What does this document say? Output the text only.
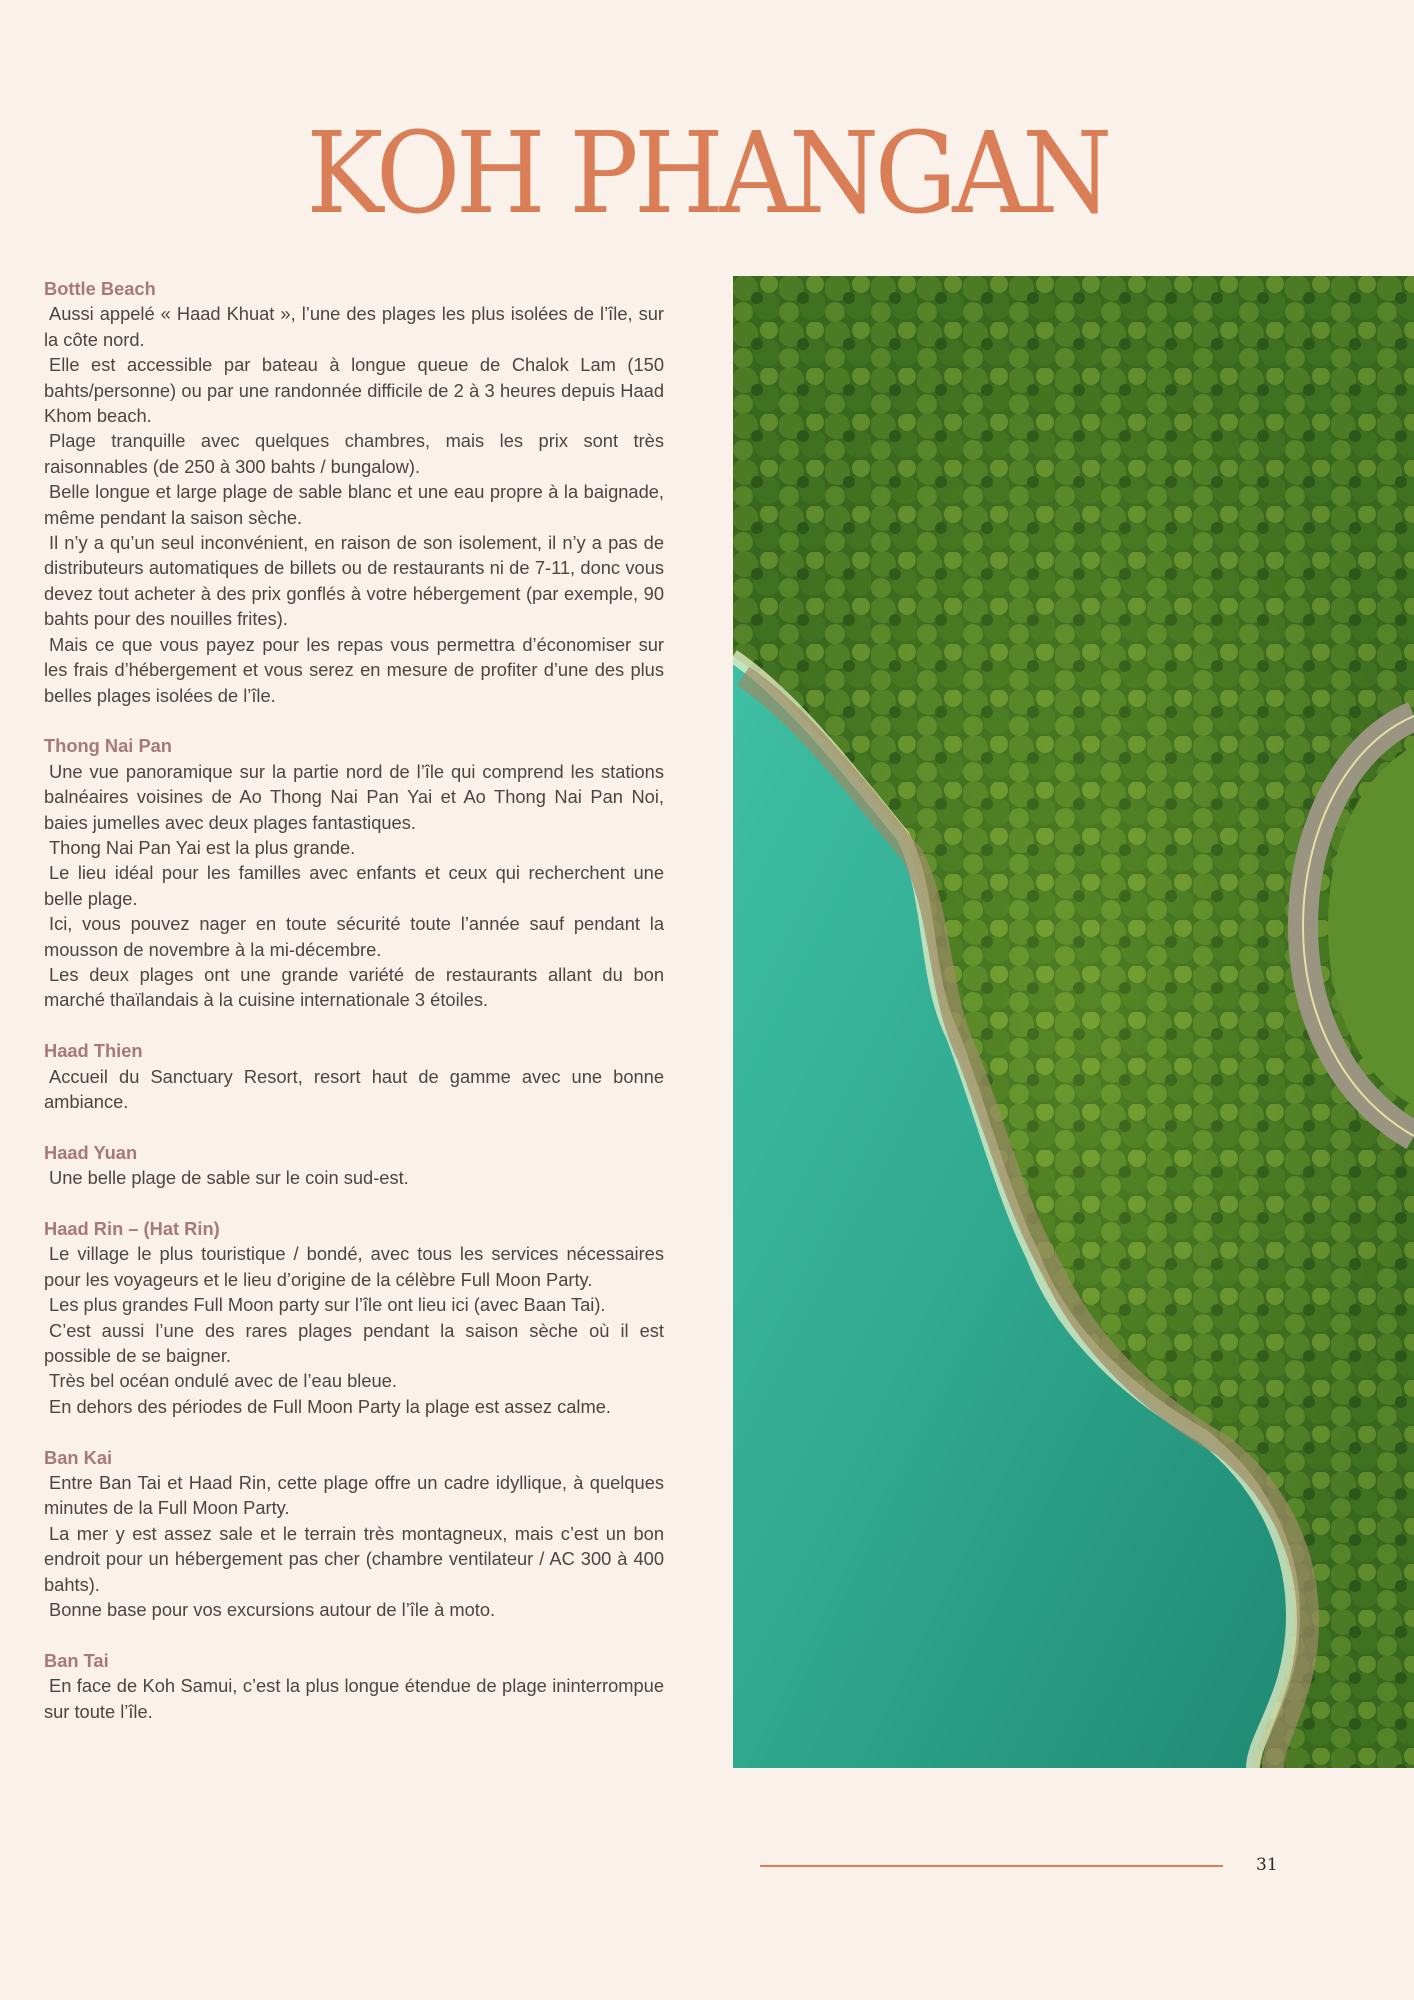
KOH PHANGAN
Bottle Beach

Aussi appelé « Haad Khuat », l’une des plages les plus isolées de l’île, sur la côte nord.

Elle est accessible par bateau à longue queue de Chalok Lam (150 bahts/personne) ou par une randonnée difficile de 2 à 3 heures depuis Haad Khom beach.

Plage tranquille avec quelques chambres, mais les prix sont très raisonnables (de 250 à 300 bahts / bungalow).

Belle longue et large plage de sable blanc et une eau propre à la baignade, même pendant la saison sèche.

Il n’y a qu’un seul inconvénient, en raison de son isolement, il n’y a pas de distributeurs automatiques de billets ou de restaurants ni de 7-11, donc vous devez tout acheter à des prix gonflés à votre hébergement (par exemple, 90 bahts pour des nouilles frites).

Mais ce que vous payez pour les repas vous permettra d’économiser sur les frais d’hébergement et vous serez en mesure de profiter d’une des plus belles plages isolées de l’île.

Thong Nai Pan

Une vue panoramique sur la partie nord de l’île qui comprend les stations balnéaires voisines de Ao Thong Nai Pan Yai et Ao Thong Nai Pan Noi, baies jumelles avec deux plages fantastiques.

Thong Nai Pan Yai est la plus grande.

Le lieu idéal pour les familles avec enfants et ceux qui recherchent une belle plage.

Ici, vous pouvez nager en toute sécurité toute l’année sauf pendant la mousson de novembre à la mi-décembre.

Les deux plages ont une grande variété de restaurants allant du bon marché thaïlandais à la cuisine internationale 3 étoiles.

Haad Thien

Accueil du Sanctuary Resort, resort haut de gamme avec une bonne ambiance.

Haad Yuan

Une belle plage de sable sur le coin sud-est.

Haad Rin – (Hat Rin)

Le village le plus touristique / bondé, avec tous les services nécessaires pour les voyageurs et le lieu d’origine de la célèbre Full Moon Party.

Les plus grandes Full Moon party sur l’île ont lieu ici (avec Baan Tai).

C’est aussi l’une des rares plages pendant la saison sèche où il est possible de se baigner.

Très bel océan ondulé avec de l’eau bleue.

En dehors des périodes de Full Moon Party la plage est assez calme.

Ban Kai

Entre Ban Tai et Haad Rin, cette plage offre un cadre idyllique, à quelques minutes de la Full Moon Party.

La mer y est assez sale et le terrain très montagneux, mais c’est un bon endroit pour un hébergement pas cher (chambre ventilateur / AC 300 à 400 bahts).

Bonne base pour vos excursions autour de l’île à moto.

Ban Tai

En face de Koh Samui, c’est la plus longue étendue de plage ininterrompue sur toute l’île.

31
